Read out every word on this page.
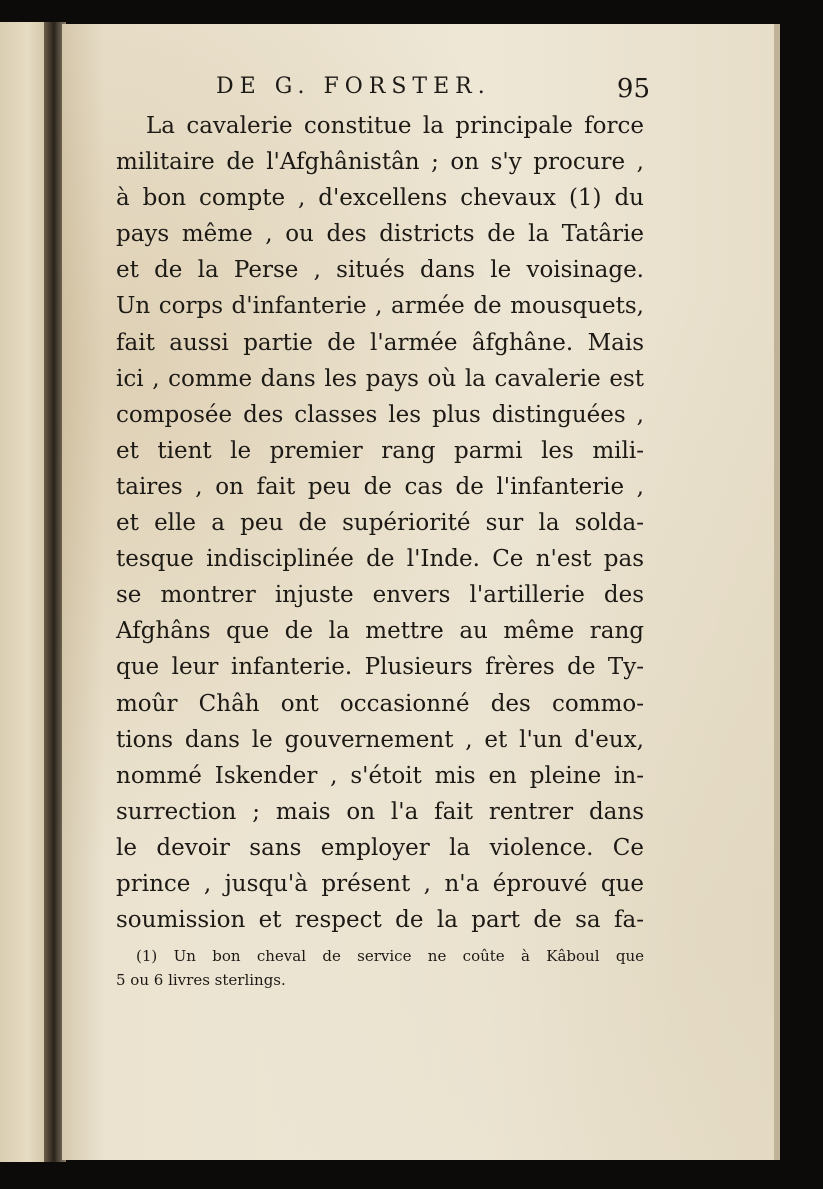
DE G. FORSTER.	95
La cavalerie constitue la principale force
militaire de l'Afghânistân ; on s'y procure ,
à bon compte , d'excellens chevaux (1) du
pays même , ou des districts de la Tatârie
et de la Perse , situés dans le voisinage.
Un corps d'infanterie , armée de mousquets,
fait aussi partie de l'armée âfghâne. Mais
ici , comme dans les pays où la cavalerie est
composée des classes les plus distinguées ,
et tient le premier rang parmi les mili-
taires , on fait peu de cas de l'infanterie ,
et elle a peu de supériorité sur la solda-
tesque indisciplinée de l'Inde. Ce n'est pas
se montrer injuste envers l'artillerie des
Afghâns que de la mettre au même rang
que leur infanterie. Plusieurs frères de Ty-
moûr Châh ont occasionné des commo-
tions dans le gouvernement , et l'un d'eux,
nommé Iskender , s'étoit mis en pleine in-
surrection ; mais on l'a fait rentrer dans
le devoir sans employer la violence. Ce
prince , jusqu'à présent , n'a éprouvé que
soumission et respect de la part de sa fa-
(1) Un bon cheval de service ne coûte à Kâboul que
5 ou 6 livres sterlings.
